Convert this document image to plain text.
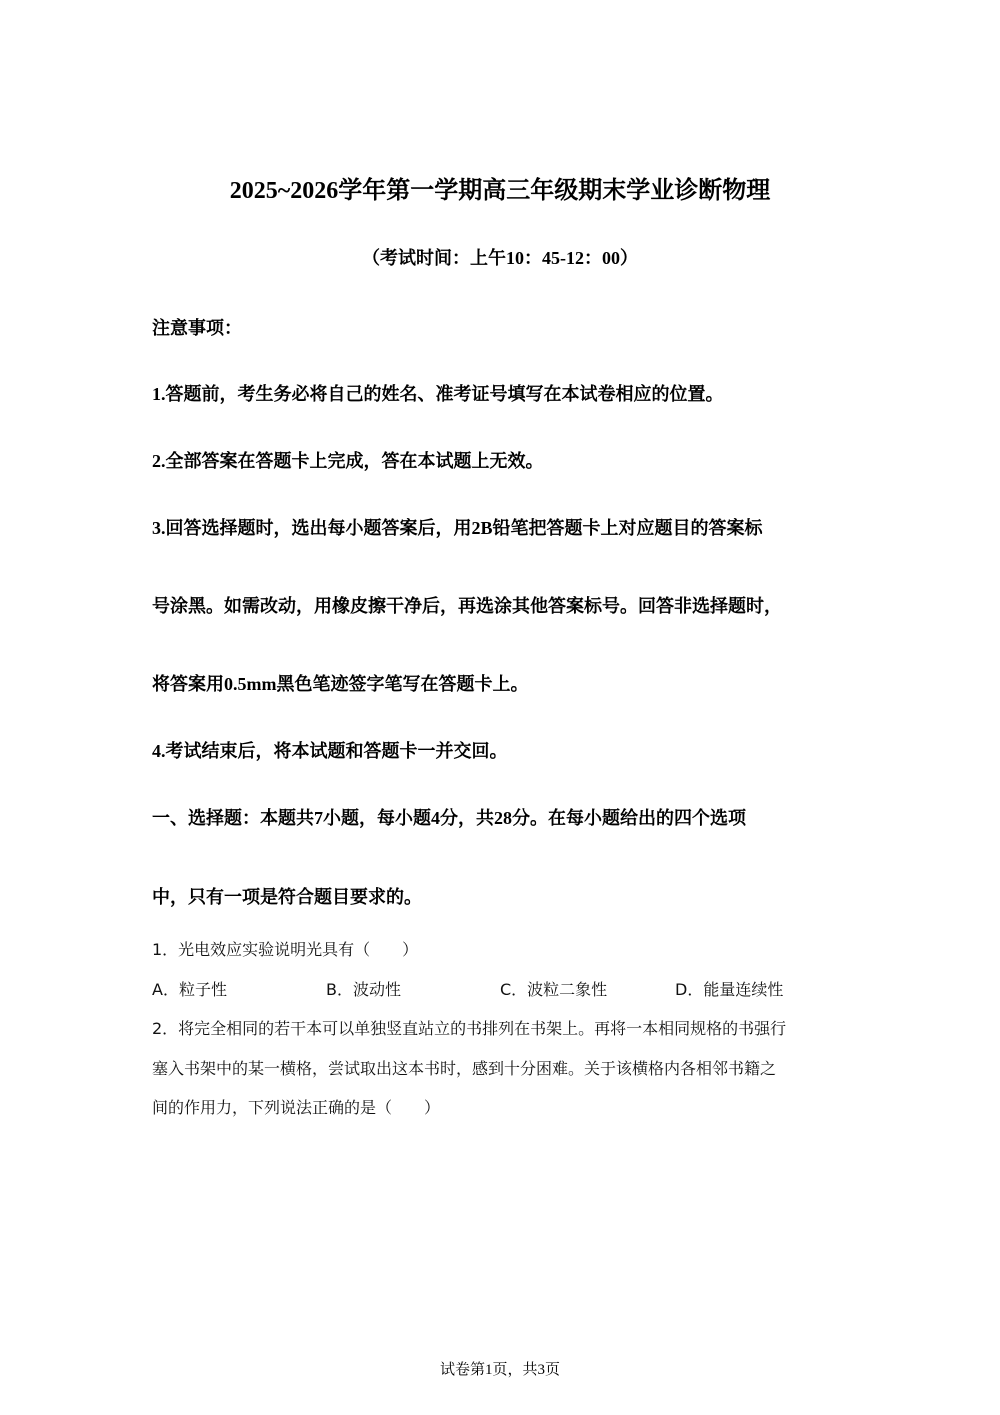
2025~2026学年第一学期高三年级期末学业诊断物理
（考试时间：上午10：45-12：00）
注意事项：
1.答题前，考生务必将自己的姓名、准考证号填写在本试卷相应的位置。
2.全部答案在答题卡上完成，答在本试题上无效。
3.回答选择题时，选出每小题答案后，用2B铅笔把答题卡上对应题目的答案标
号涂黑。如需改动，用橡皮擦干净后，再选涂其他答案标号。回答非选择题时，
将答案用0.5mm黑色笔迹签字笔写在答题卡上。
4.考试结束后，将本试题和答题卡一并交回。
一、选择题：本题共7小题，每小题4分，共28分。在每小题给出的四个选项
中，只有一项是符合题目要求的。
1．光电效应实验说明光具有（　　）
A．粒子性	B．波动性	C．波粒二象性	D．能量连续性
2．将完全相同的若干本可以单独竖直站立的书排列在书架上。再将一本相同规格的书强行
塞入书架中的某一横格，尝试取出这本书时，感到十分困难。关于该横格内各相邻书籍之
间的作用力，下列说法正确的是（　　）
试卷第1页，共3页
